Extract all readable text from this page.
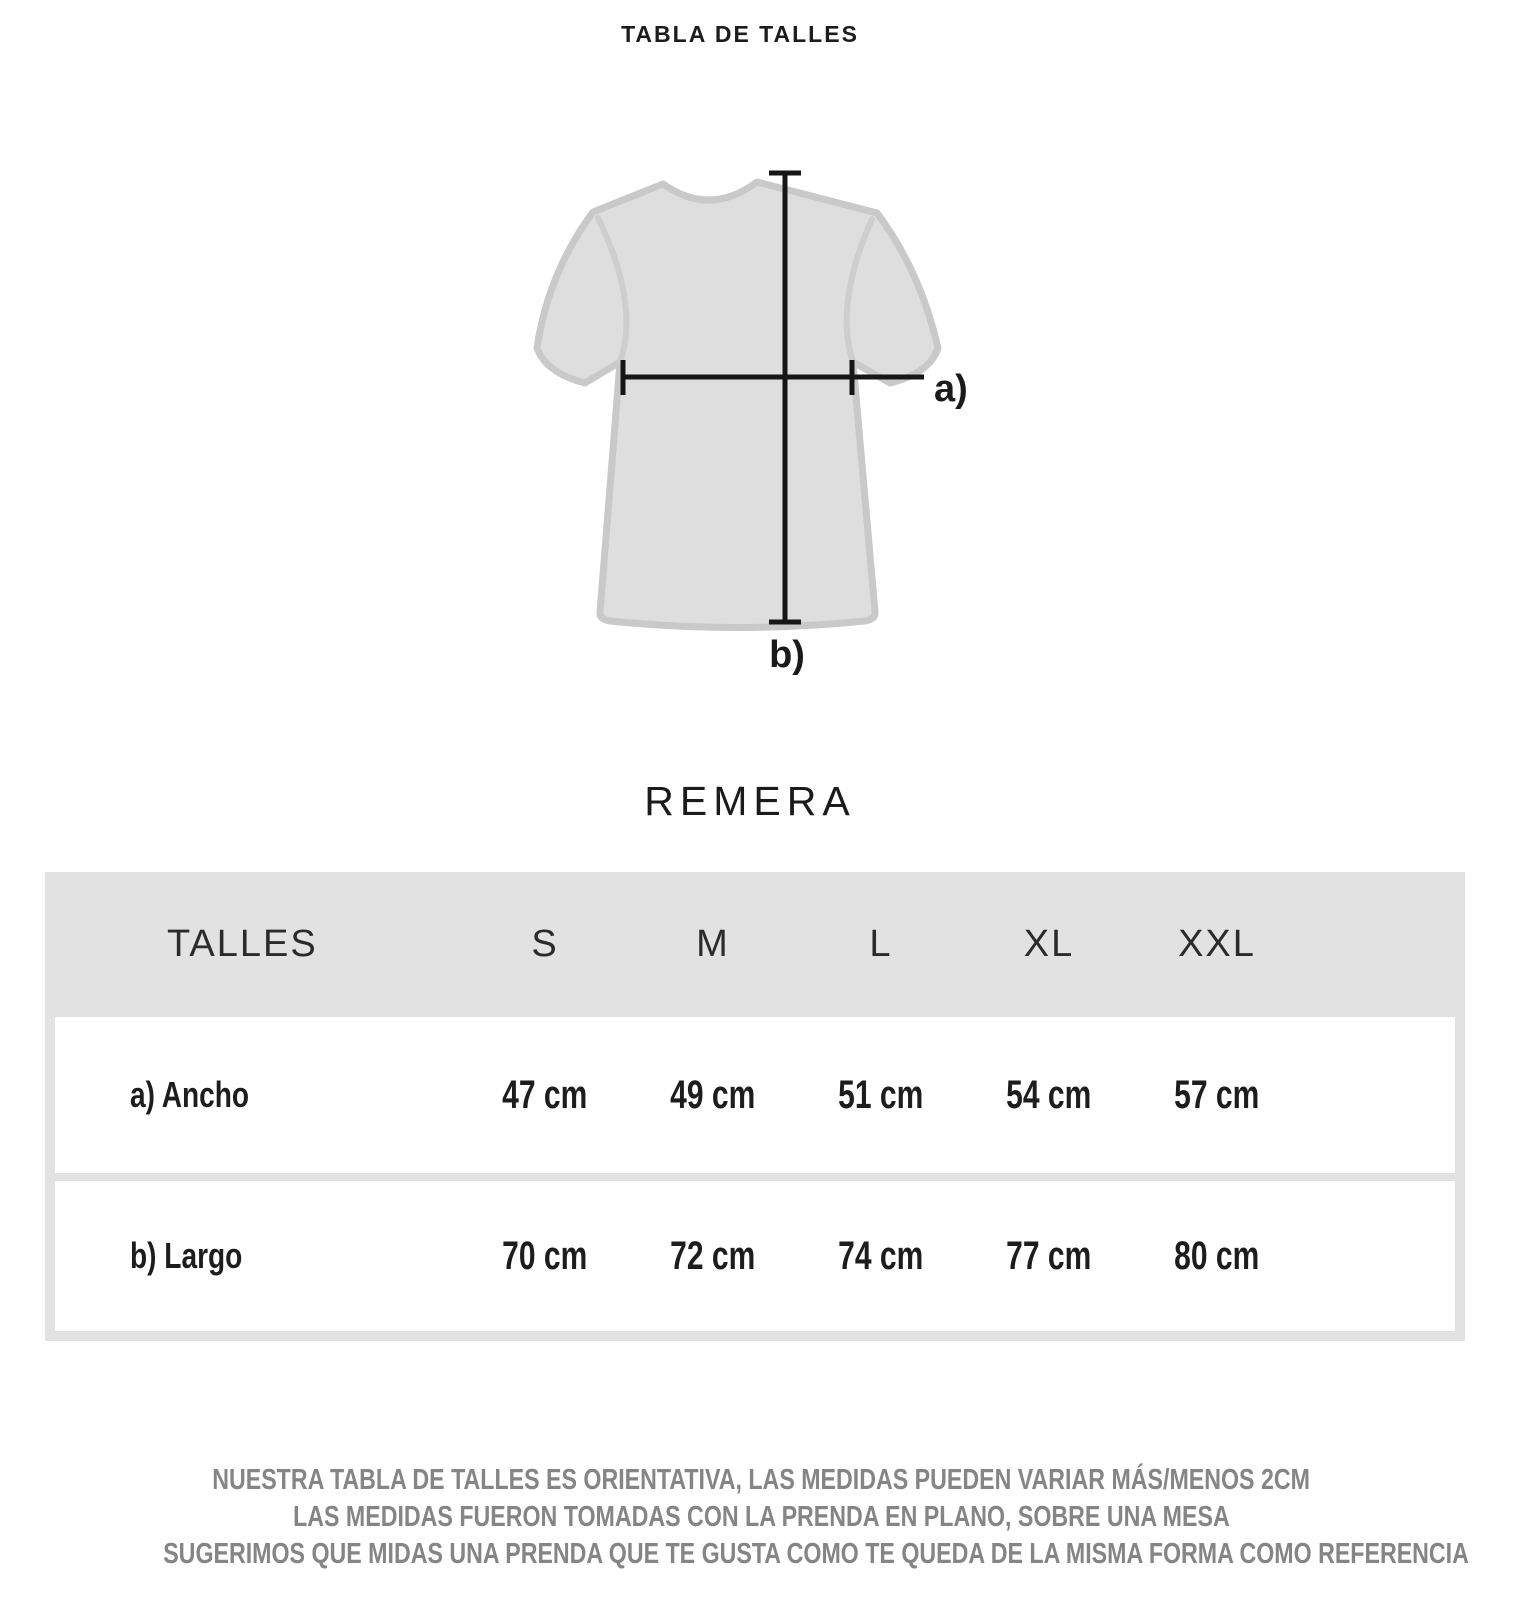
TABLA DE TALLES
a)
b)
REMERA
TALLES	S	M	L	XL	XXL
a) Ancho	47 cm	49 cm	51 cm	54 cm	57 cm
b) Largo	70 cm	72 cm	74 cm	77 cm	80 cm
NUESTRA TABLA DE TALLES ES ORIENTATIVA, LAS MEDIDAS PUEDEN VARIAR MÁS/MENOS 2CM
LAS MEDIDAS FUERON TOMADAS CON LA PRENDA EN PLANO, SOBRE UNA MESA
SUGERIMOS QUE MIDAS UNA PRENDA QUE TE GUSTA COMO TE QUEDA DE LA MISMA FORMA COMO REFERENCIA
